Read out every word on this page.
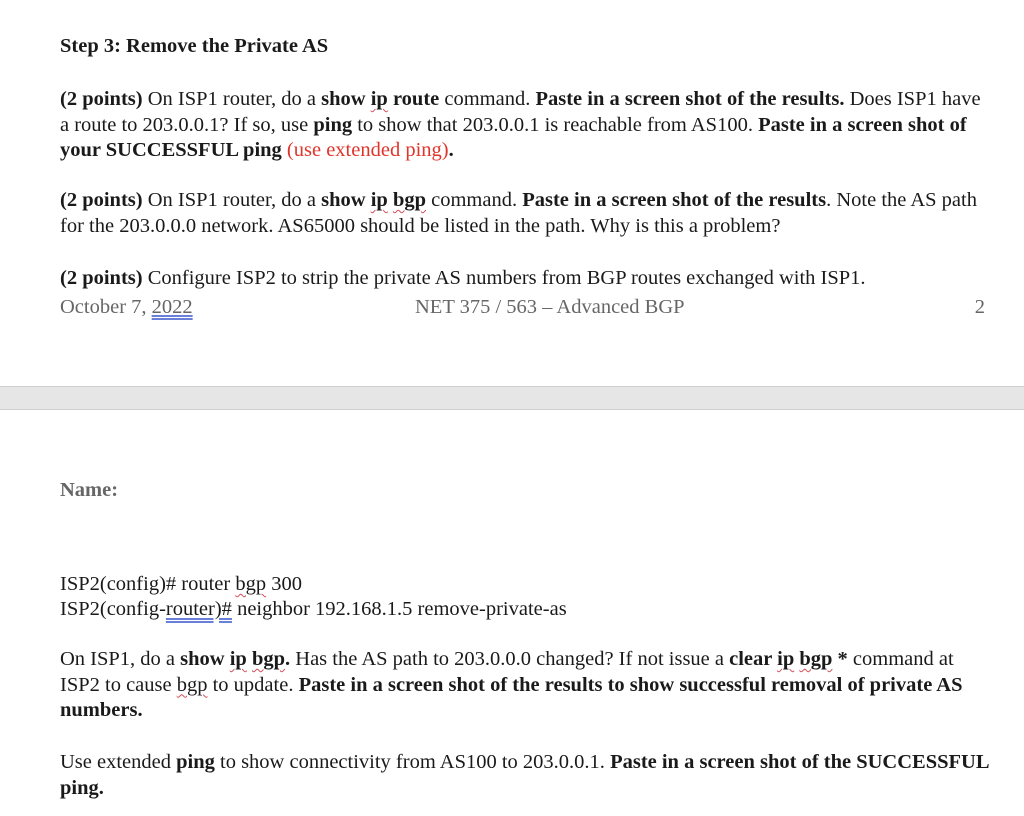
Step 3: Remove the Private AS

(2 points) On ISP1 router, do a show ip route command. Paste in a screen shot of the results. Does ISP1 have a route to 203.0.0.1? If so, use ping to show that 203.0.0.1 is reachable from AS100. Paste in a screen shot of your SUCCESSFUL ping (use extended ping).

(2 points) On ISP1 router, do a show ip bgp command. Paste in a screen shot of the results. Note the AS path for the 203.0.0.0 network. AS65000 should be listed in the path. Why is this a problem?

(2 points) Configure ISP2 to strip the private AS numbers from BGP routes exchanged with ISP1.

October 7, 2022	NET 375 / 563 – Advanced BGP	2

Name:

ISP2(config)# router bgp 300

ISP2(config-router)# neighbor 192.168.1.5 remove-private-as

On ISP1, do a show ip bgp. Has the AS path to 203.0.0.0 changed? If not issue a clear ip bgp * command at ISP2 to cause bgp to update. Paste in a screen shot of the results to show successful removal of private AS numbers.

Use extended ping to show connectivity from AS100 to 203.0.0.1. Paste in a screen shot of the SUCCESSFUL ping.
